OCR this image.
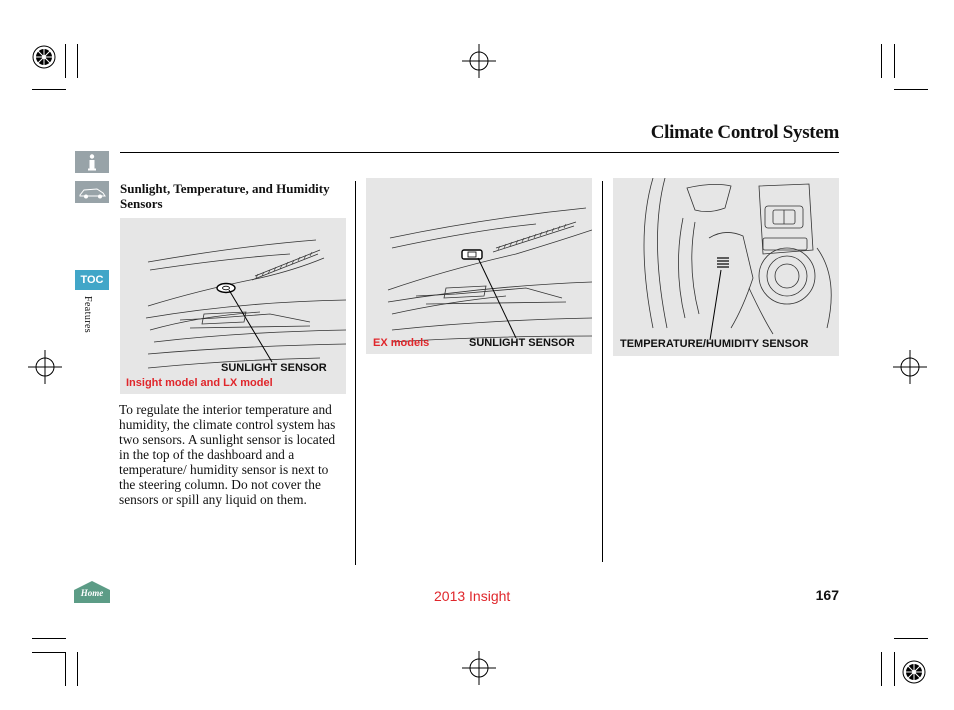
Climate Control System
TOC
Features
Sunlight, Temperature, and Humidity Sensors
SUNLIGHT SENSOR
Insight model and LX model
EX models	SUNLIGHT SENSOR	TEMPERATURE/HUMIDITY SENSOR

To regulate the interior temperature and humidity, the climate control system has two sensors. A sunlight sensor is located in the top of the dashboard and a temperature/ humidity sensor is next to the steering column. Do not cover the sensors or spill any liquid on them.

Home	2013 Insight	167
